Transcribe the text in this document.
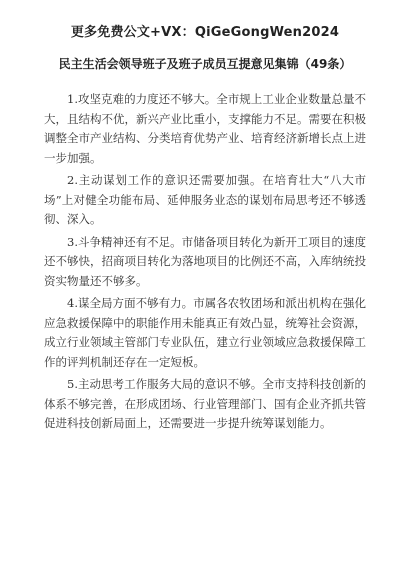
更多免费公文+VX：QiGeGongWen2024
民主生活会领导班子及班子成员互提意见集锦（49条）

1.攻坚克难的力度还不够大。全市规上工业企业数量总量不大，且结构不优，新兴产业比重小，支撑能力不足。需要在积极调整全市产业结构、分类培育优势产业、培育经济新增长点上进一步加强。

2.主动谋划工作的意识还需要加强。在培育壮大“八大市场”上对健全功能布局、延伸服务业态的谋划布局思考还不够透彻、深入。

3.斗争精神还有不足。市储备项目转化为新开工项目的速度还不够快，招商项目转化为落地项目的比例还不高，入库纳统投资实物量还不够多。

4.谋全局方面不够有力。市属各农牧团场和派出机构在强化应急救援保障中的职能作用未能真正有效凸显，统筹社会资源，成立行业领域主管部门专业队伍，建立行业领域应急救援保障工作的评判机制还存在一定短板。

5.主动思考工作服务大局的意识不够。全市支持科技创新的体系不够完善，在形成团场、行业管理部门、国有企业齐抓共管促进科技创新局面上，还需要进一步提升统筹谋划能力。
